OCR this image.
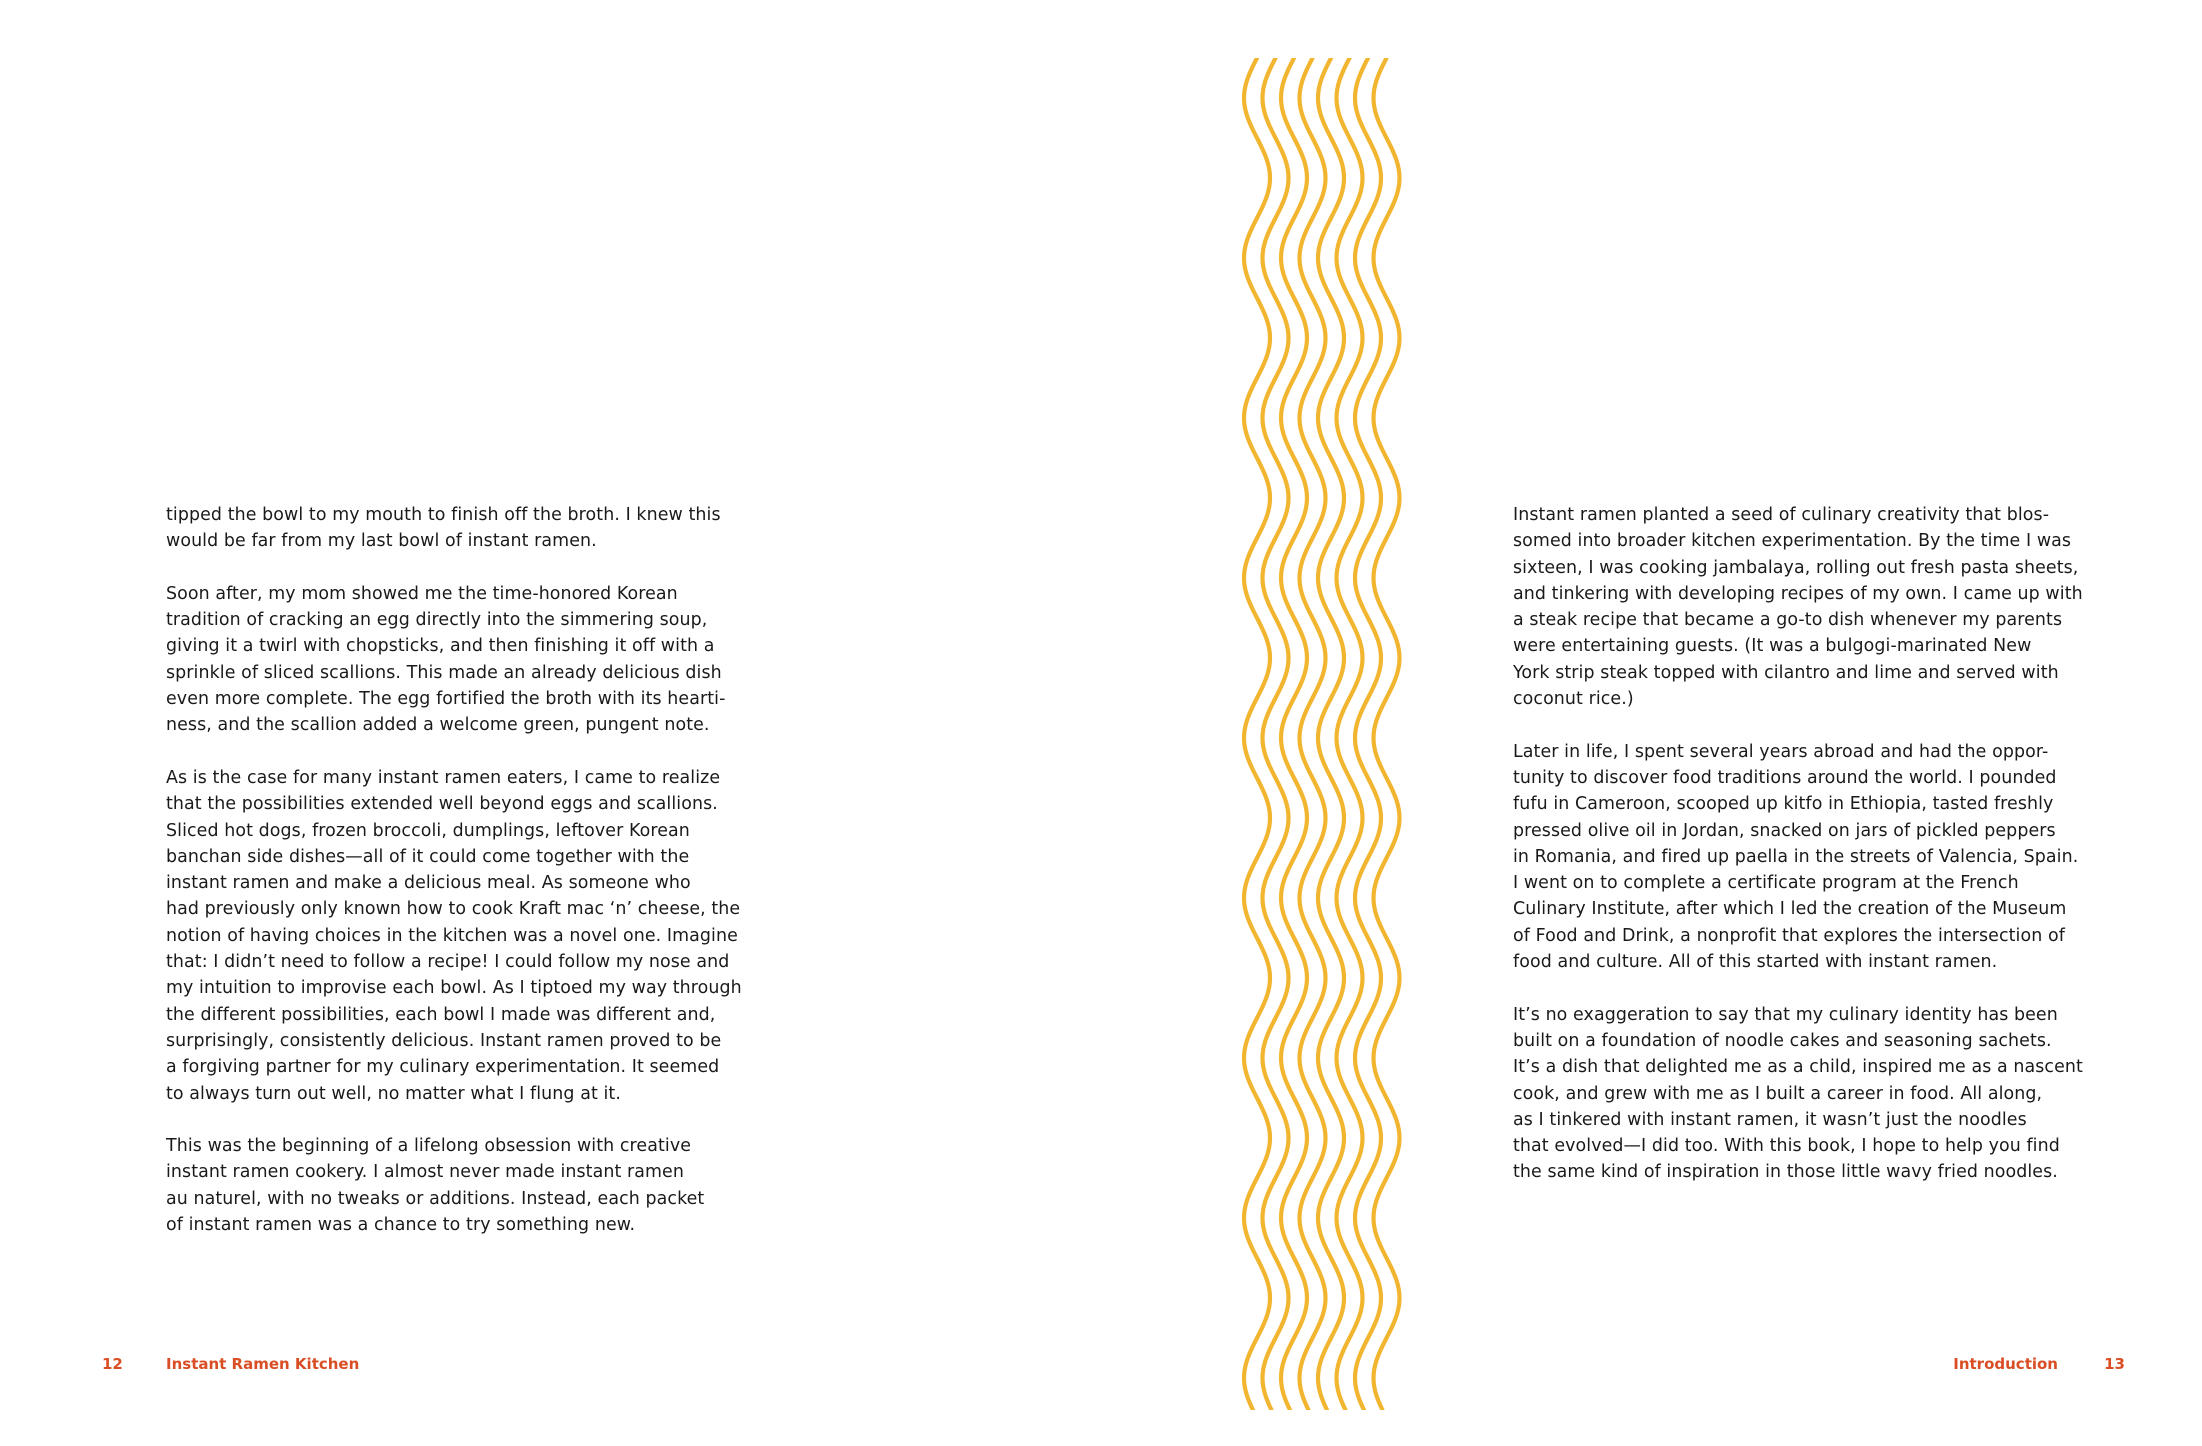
tipped the bowl to my mouth to finish off the broth. I knew this
would be far from my last bowl of instant ramen.
Soon after, my mom showed me the time-honored Korean
tradition of cracking an egg directly into the simmering soup,
giving it a twirl with chopsticks, and then finishing it off with a
sprinkle of sliced scallions. This made an already delicious dish
even more complete. The egg fortified the broth with its hearti-
ness, and the scallion added a welcome green, pungent note.
As is the case for many instant ramen eaters, I came to realize
that the possibilities extended well beyond eggs and scallions.
Sliced hot dogs, frozen broccoli, dumplings, leftover Korean
banchan side dishes—all of it could come together with the
instant ramen and make a delicious meal. As someone who
had previously only known how to cook Kraft mac ‘n’ cheese, the
notion of having choices in the kitchen was a novel one. Imagine
that: I didn’t need to follow a recipe! I could follow my nose and
my intuition to improvise each bowl. As I tiptoed my way through
the different possibilities, each bowl I made was different and,
surprisingly, consistently delicious. Instant ramen proved to be
a forgiving partner for my culinary experimentation. It seemed
to always turn out well, no matter what I flung at it.
This was the beginning of a lifelong obsession with creative
instant ramen cookery. I almost never made instant ramen
au naturel, with no tweaks or additions. Instead, each packet
of instant ramen was a chance to try something new.
Instant ramen planted a seed of culinary creativity that blos-
somed into broader kitchen experimentation. By the time I was
sixteen, I was cooking jambalaya, rolling out fresh pasta sheets,
and tinkering with developing recipes of my own. I came up with
a steak recipe that became a go-to dish whenever my parents
were entertaining guests. (It was a bulgogi-marinated New
York strip steak topped with cilantro and lime and served with
coconut rice.)
Later in life, I spent several years abroad and had the oppor-
tunity to discover food traditions around the world. I pounded
fufu in Cameroon, scooped up kitfo in Ethiopia, tasted freshly
pressed olive oil in Jordan, snacked on jars of pickled peppers
in Romania, and fired up paella in the streets of Valencia, Spain.
I went on to complete a certificate program at the French
Culinary Institute, after which I led the creation of the Museum
of Food and Drink, a nonprofit that explores the intersection of
food and culture. All of this started with instant ramen.
It’s no exaggeration to say that my culinary identity has been
built on a foundation of noodle cakes and seasoning sachets.
It’s a dish that delighted me as a child, inspired me as a nascent
cook, and grew with me as I built a career in food. All along,
as I tinkered with instant ramen, it wasn’t just the noodles
that evolved—I did too. With this book, I hope to help you find
the same kind of inspiration in those little wavy fried noodles.
12	Instant Ramen Kitchen	Introduction	13
